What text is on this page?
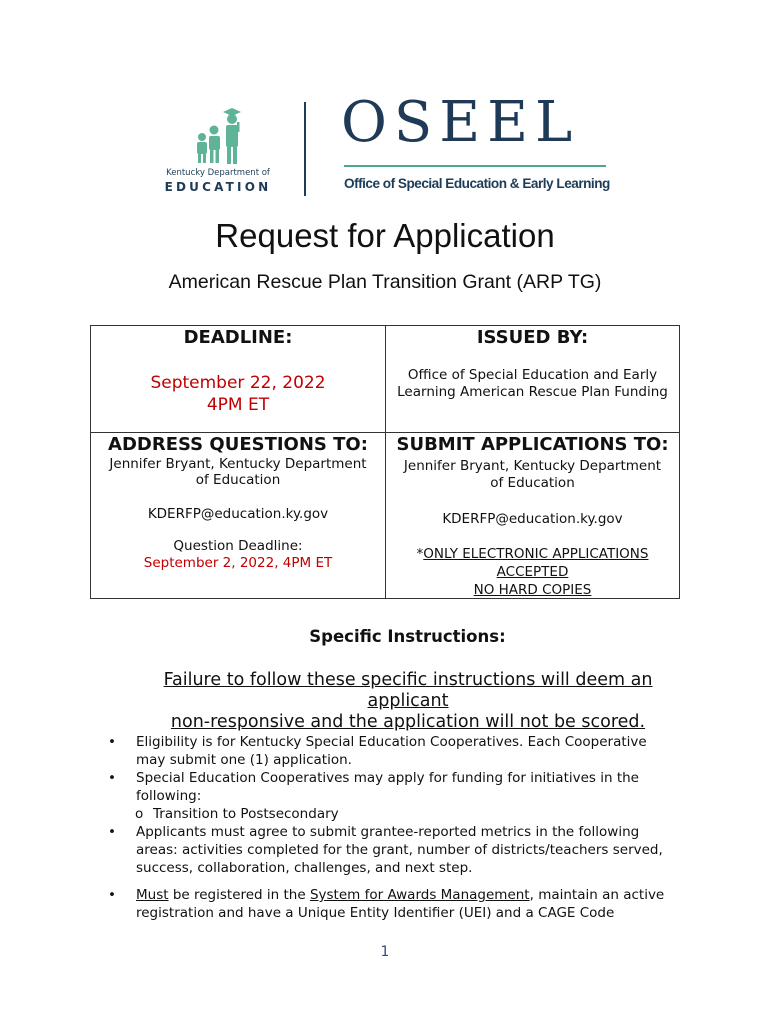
Kentucky Department of
EDUCATION
OSEEL
Office of Special Education & Early Learning
Request for Application
American Rescue Plan Transition Grant (ARP TG)
DEADLINE:
September 22, 2022
4PM ET
ISSUED BY:
Office of Special Education and Early
Learning American Rescue Plan Funding
ADDRESS QUESTIONS TO:
Jennifer Bryant, Kentucky Department
of Education
KDERFP@education.ky.gov
Question Deadline:
September 2, 2022, 4PM ET
SUBMIT APPLICATIONS TO:
Jennifer Bryant, Kentucky Department
of Education
KDERFP@education.ky.gov
*ONLY ELECTRONIC APPLICATIONS
ACCEPTED
NO HARD COPIES
Specific Instructions:
Failure to follow these specific instructions will deem an
applicant
non-responsive and the application will not be scored.
• Eligibility is for Kentucky Special Education Cooperatives. Each Cooperative
may submit one (1) application.
• Special Education Cooperatives may apply for funding for initiatives in the
following:
o Transition to Postsecondary
• Applicants must agree to submit grantee-reported metrics in the following
areas: activities completed for the grant, number of districts/teachers served,
success, collaboration, challenges, and next step.
• Must be registered in the System for Awards Management, maintain an active
registration and have a Unique Entity Identifier (UEI) and a CAGE Code
1
